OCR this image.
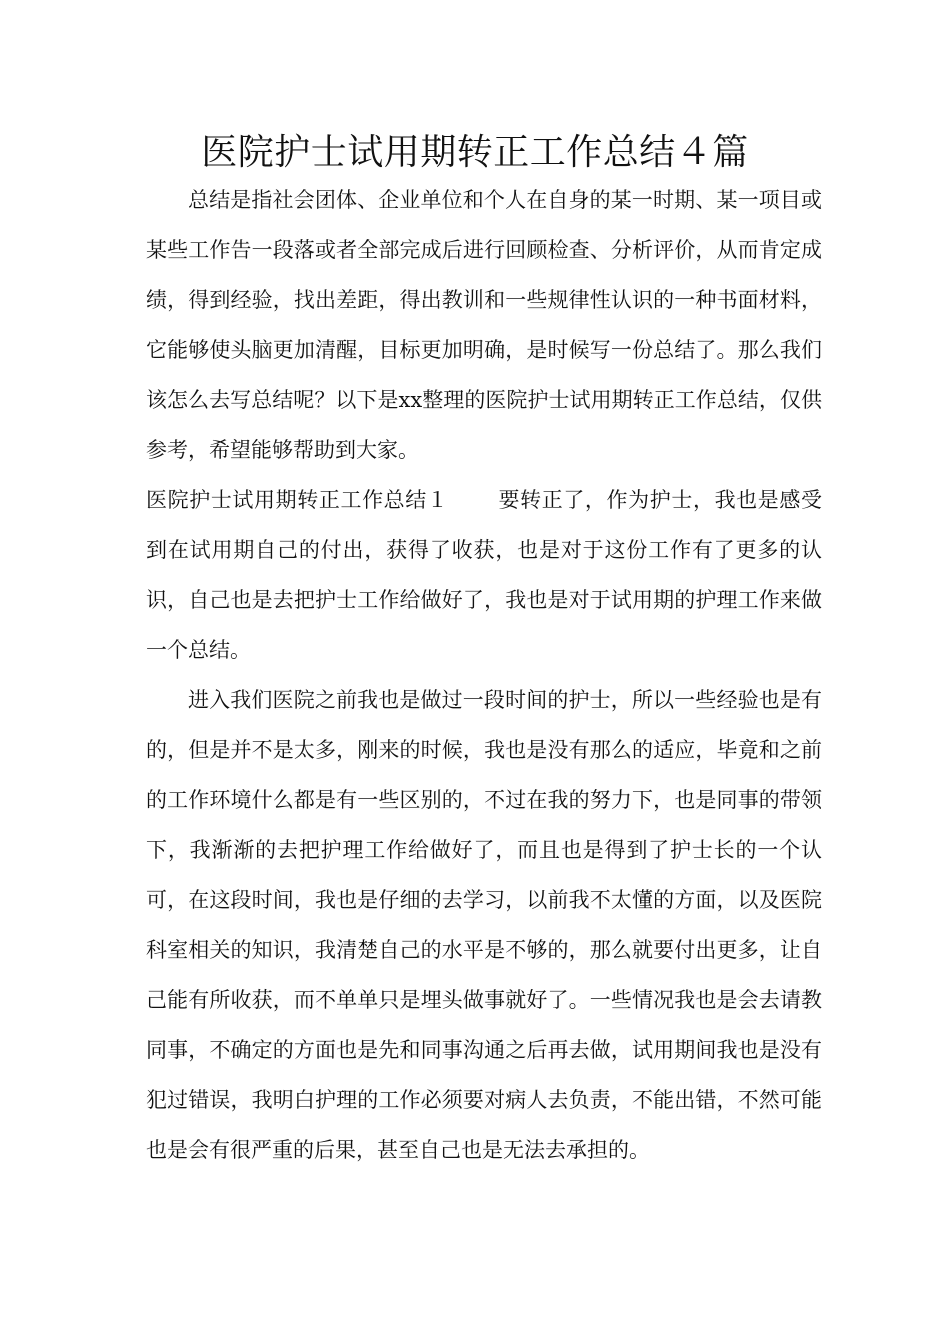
医院护士试用期转正工作总结４篇

总结是指社会团体、企业单位和个人在自身的某一时期、某一项目或某些工作告一段落或者全部完成后进行回顾检查、分析评价，从而肯定成绩，得到经验，找出差距，得出教训和一些规律性认识的一种书面材料，它能够使头脑更加清醒，目标更加明确，是时候写一份总结了。那么我们该怎么去写总结呢？以下是xx整理的医院护士试用期转正工作总结，仅供参考，希望能够帮助到大家。

医院护士试用期转正工作总结１ 要转正了，作为护士，我也是感受到在试用期自己的付出，获得了收获，也是对于这份工作有了更多的认识，自己也是去把护士工作给做好了，我也是对于试用期的护理工作来做一个总结。

进入我们医院之前我也是做过一段时间的护士，所以一些经验也是有的，但是并不是太多，刚来的时候，我也是没有那么的适应，毕竟和之前的工作环境什么都是有一些区别的，不过在我的努力下，也是同事的带领下，我渐渐的去把护理工作给做好了，而且也是得到了护士长的一个认可，在这段时间，我也是仔细的去学习，以前我不太懂的方面，以及医院科室相关的知识，我清楚自己的水平是不够的，那么就要付出更多，让自己能有所收获，而不单单只是埋头做事就好了。一些情况我也是会去请教同事，不确定的方面也是先和同事沟通之后再去做，试用期间我也是没有犯过错误，我明白护理的工作必须要对病人去负责，不能出错，不然可能也是会有很严重的后果，甚至自己也是无法去承担的。
